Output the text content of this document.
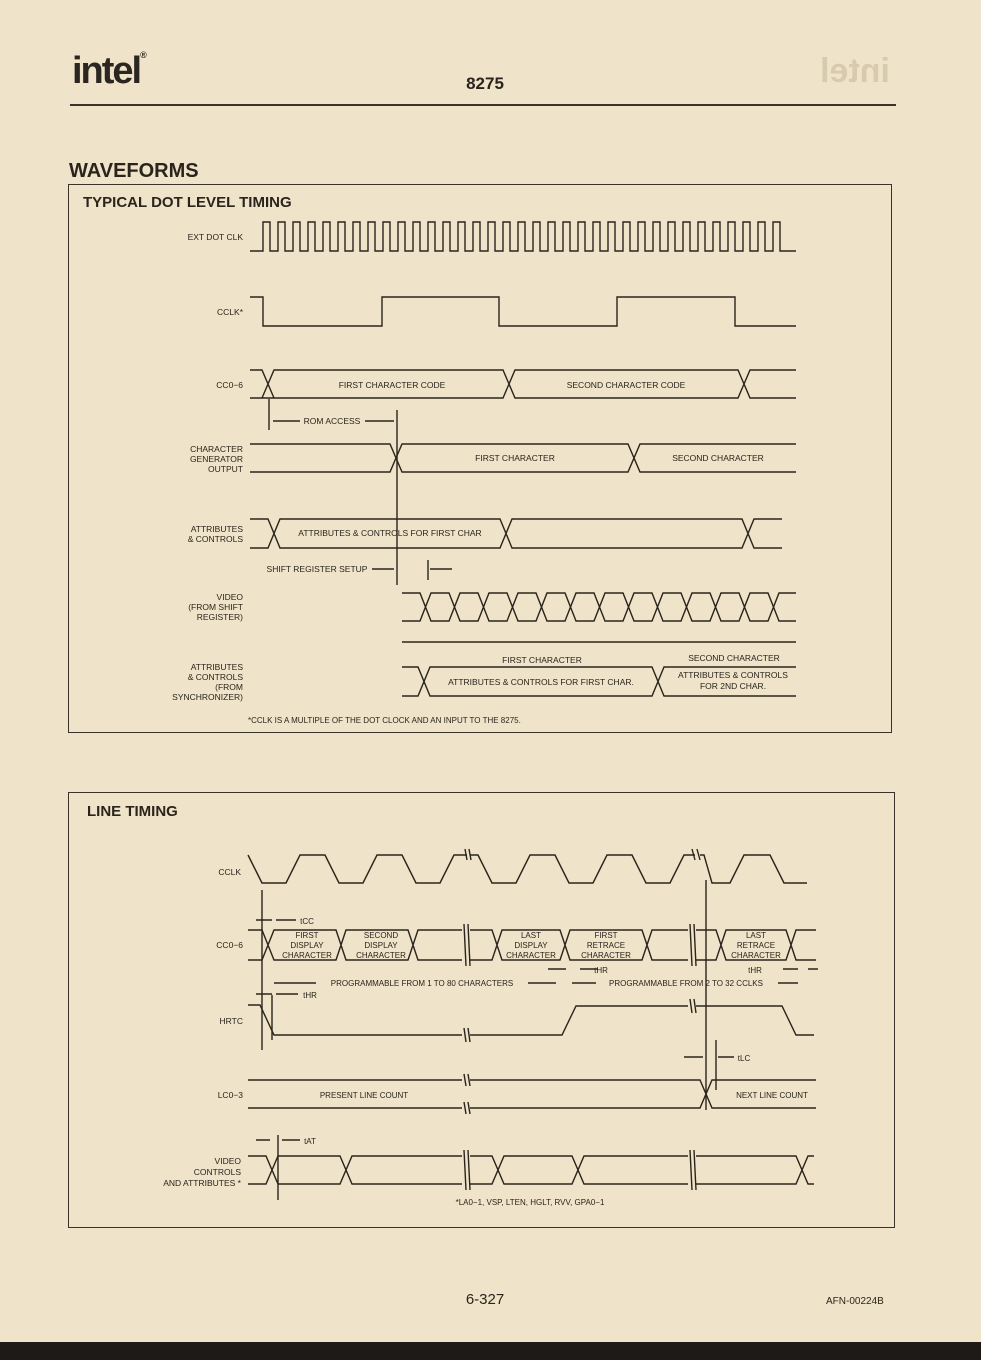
intel
intel®
8275
WAVEFORMS
TYPICAL DOT LEVEL TIMING
EXT DOT CLK
CCLK*
CC0−6
CHARACTER
GENERATOR
OUTPUT
ATTRIBUTES
& CONTROLS
VIDEO
(FROM SHIFT
REGISTER)
ATTRIBUTES
& CONTROLS
(FROM
SYNCHRONIZER)
FIRST CHARACTER CODE	SECOND CHARACTER CODE
ROM ACCESS
FIRST CHARACTER	SECOND CHARACTER
ATTRIBUTES & CONTROLS FOR FIRST CHAR
SHIFT REGISTER SETUP
FIRST CHARACTER	SECOND CHARACTER
ATTRIBUTES & CONTROLS FOR FIRST CHAR.
ATTRIBUTES & CONTROLS
FOR 2ND CHAR.
*CCLK IS A MULTIPLE OF THE DOT CLOCK AND AN INPUT TO THE 8275.
LINE TIMING
CCLK
CC0−6
HRTC
LC0−3
VIDEO
CONTROLS
AND ATTRIBUTES *
tCC
FIRST
DISPLAY
CHARACTER
SECOND
DISPLAY
CHARACTER
LAST
DISPLAY
CHARACTER
FIRST
RETRACE
CHARACTER
LAST
RETRACE
CHARACTER
PROGRAMMABLE FROM 1 TO 80 CHARACTERS	PROGRAMMABLE FROM 2 TO 32 CCLKS
tHR	tHR
tHR
tLC
PRESENT LINE COUNT	NEXT LINE COUNT
tAT
*LA0−1, VSP, LTEN, HGLT, RVV, GPA0−1
6-327	AFN-00224B
